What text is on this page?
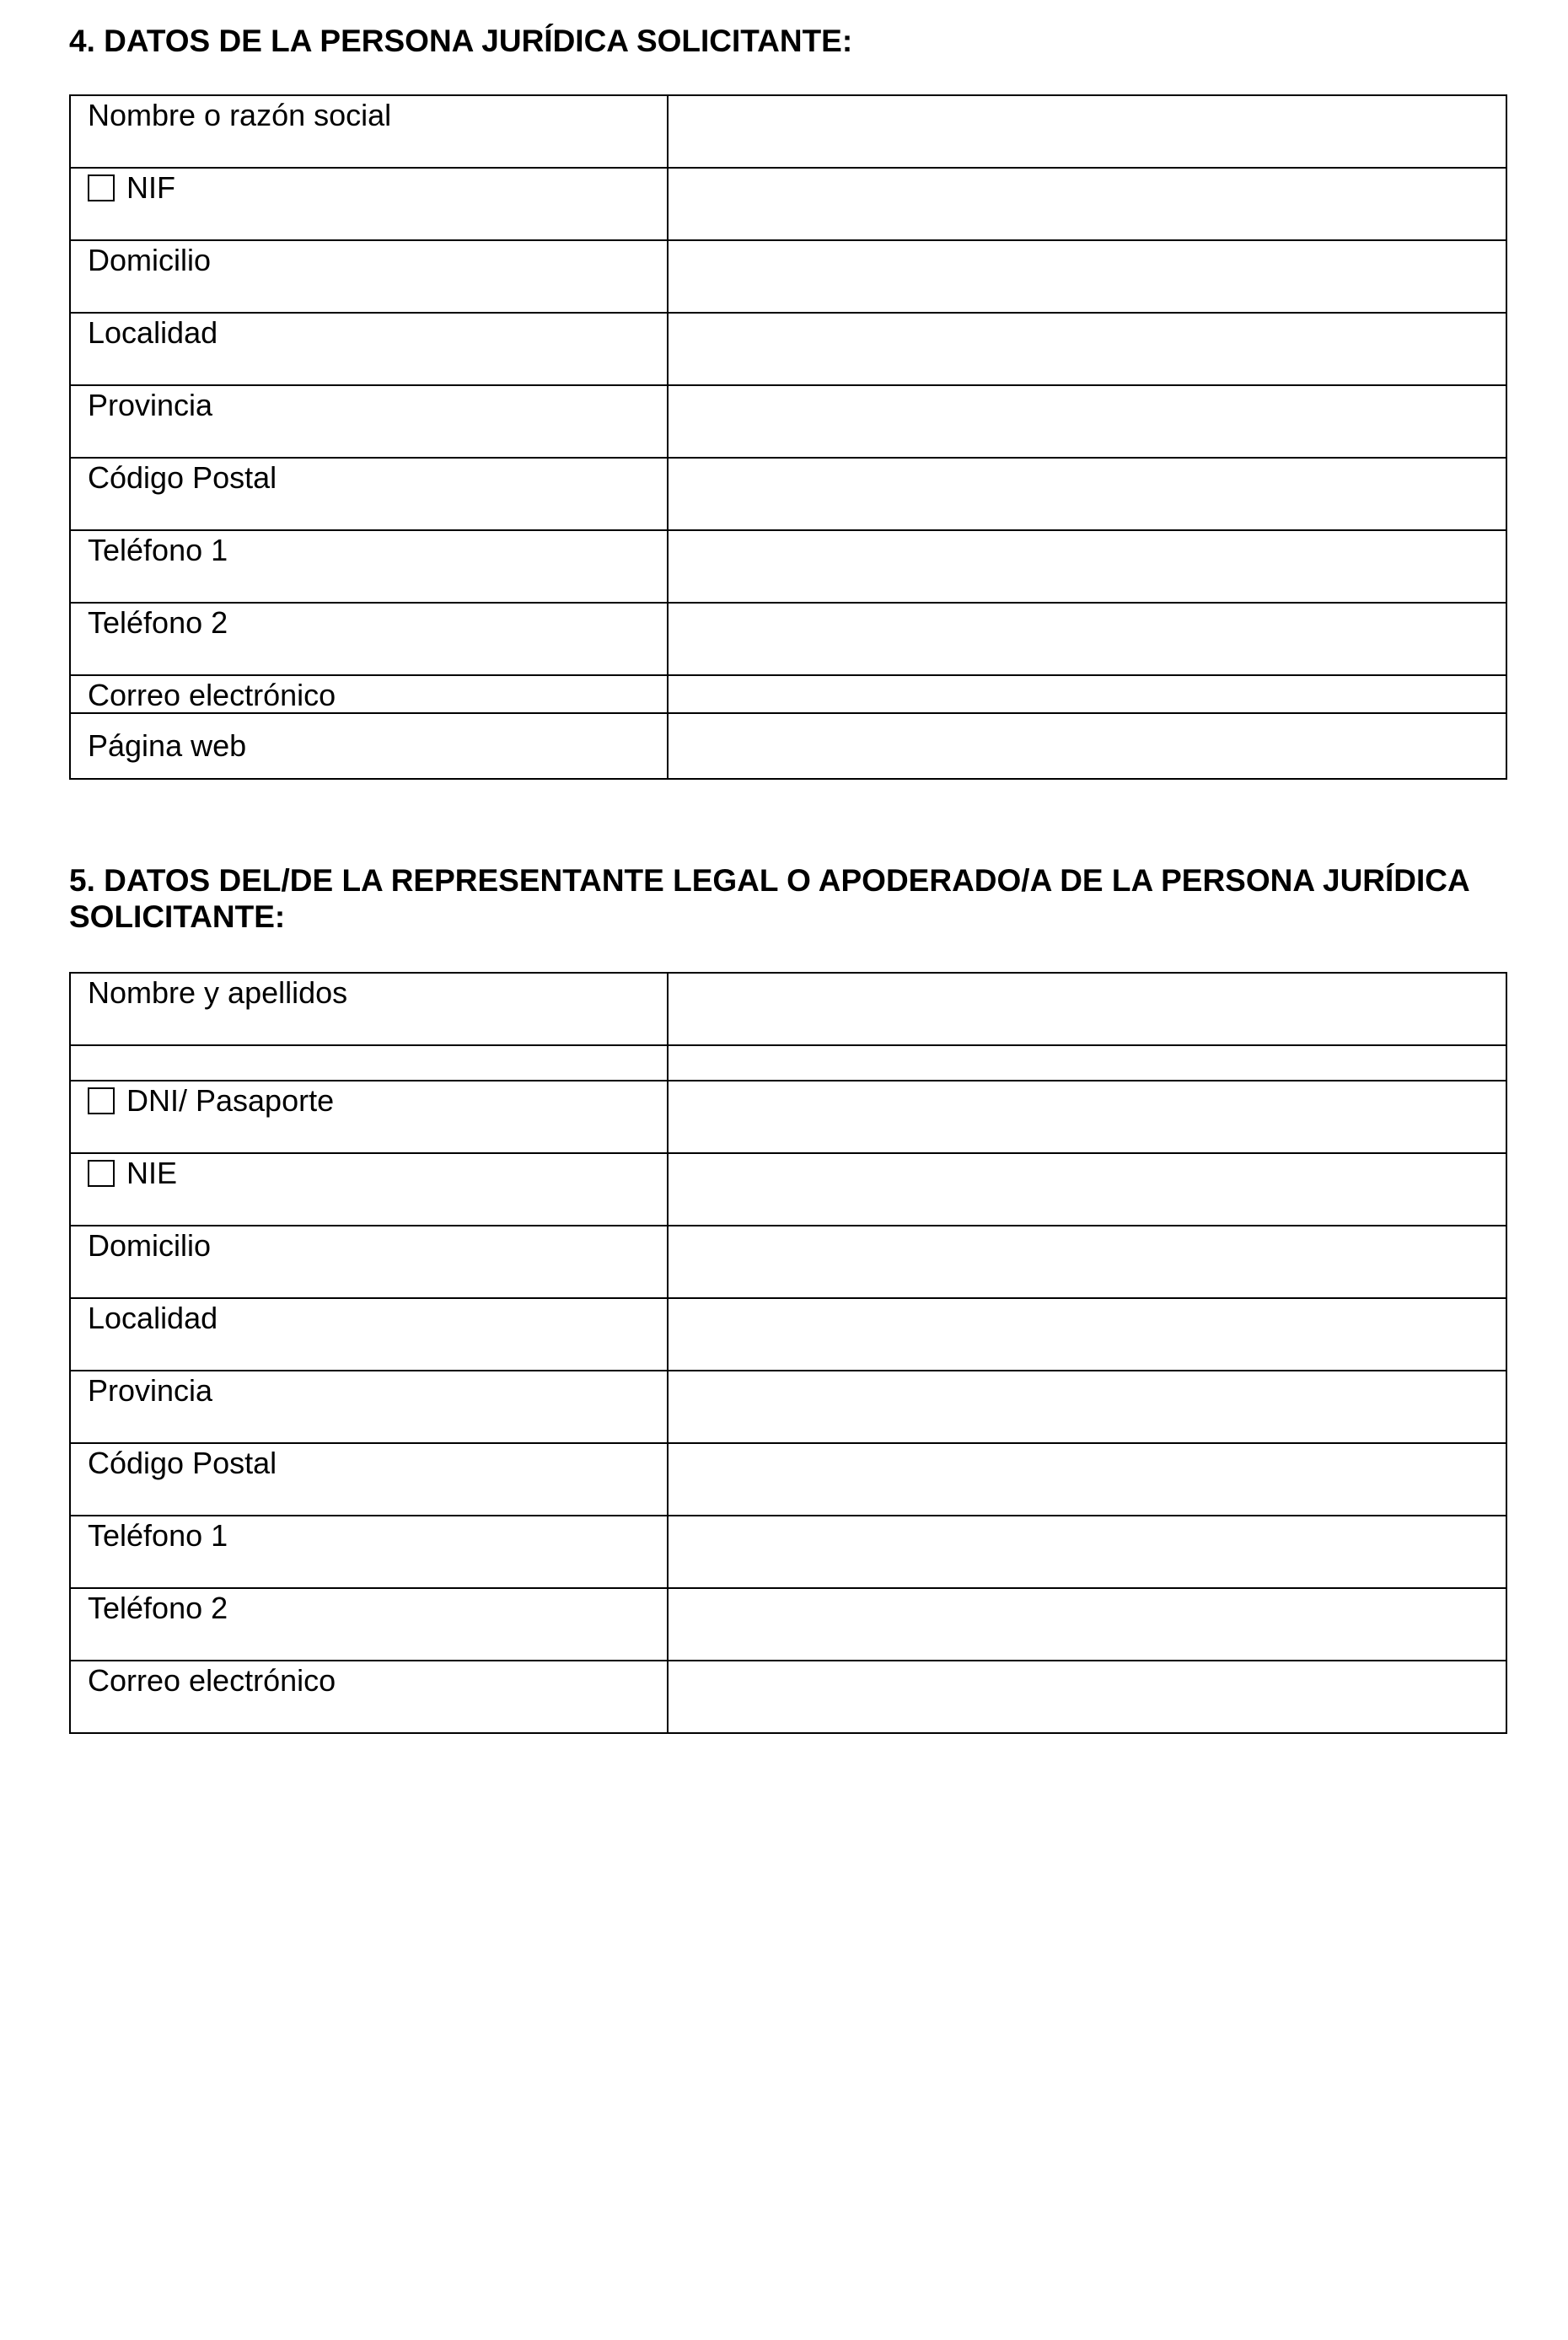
4. DATOS DE LA PERSONA JURÍDICA SOLICITANTE:
Nombre o razón social	

NIF	

Domicilio	

Localidad	

Provincia	

Código Postal	

Teléfono 1	

Teléfono 2	

Correo electrónico	

Página web	

5. DATOS DEL/DE LA REPRESENTANTE LEGAL O APODERADO/A DE LA PERSONA JURÍDICA
SOLICITANTE:
Nombre y apellidos	

DNI/ Pasaporte	

NIE	

Domicilio	

Localidad	

Provincia	

Código Postal	

Teléfono 1	

Teléfono 2	

Correo electrónico	
